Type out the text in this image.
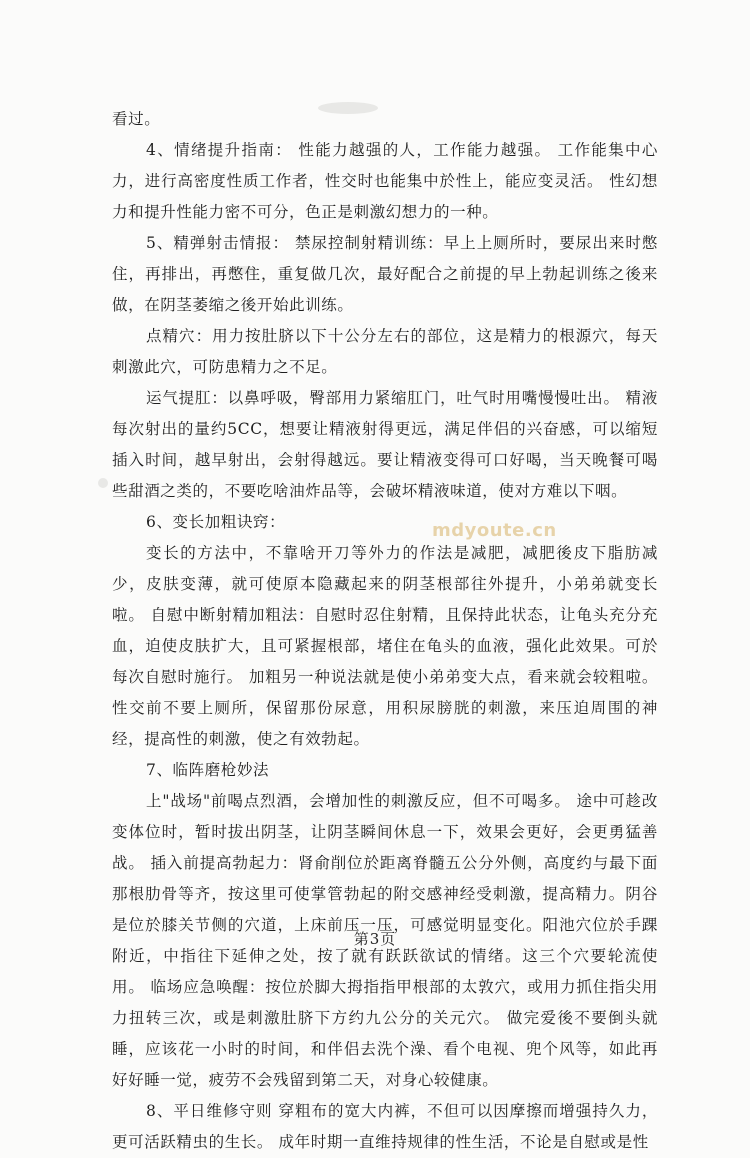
看过。

4、情绪提升指南： 性能力越强的人，工作能力越强。 工作能集中心力，进行高密度性质工作者，性交时也能集中於性上，能应变灵活。 性幻想力和提升性能力密不可分，色正是刺激幻想力的一种。

5、精弹射击情报： 禁尿控制射精训练：早上上厕所时，要尿出来时憋住，再排出，再憋住，重复做几次，最好配合之前提的早上勃起训练之後来做，在阴茎萎缩之後开始此训练。

点精穴：用力按肚脐以下十公分左右的部位，这是精力的根源穴，每天刺激此穴，可防患精力之不足。

运气提肛：以鼻呼吸，臀部用力紧缩肛门，吐气时用嘴慢慢吐出。 精液每次射出的量约5CC，想要让精液射得更远，满足伴侣的兴奋感，可以缩短插入时间，越早射出，会射得越远。要让精液变得可口好喝，当天晚餐可喝些甜酒之类的，不要吃啥油炸品等，会破坏精液味道，使对方难以下咽。

6、变长加粗诀窍：

变长的方法中，不靠啥开刀等外力的作法是减肥，减肥後皮下脂肪减少，皮肤变薄，就可使原本隐藏起来的阴茎根部往外提升，小弟弟就变长啦。 自慰中断射精加粗法：自慰时忍住射精，且保持此状态，让龟头充分充血，迫使皮肤扩大，且可紧握根部，堵住在龟头的血液，强化此效果。可於每次自慰时施行。 加粗另一种说法就是使小弟弟变大点，看来就会较粗啦。性交前不要上厕所，保留那份尿意，用积尿膀胱的刺激，来压迫周围的神经，提高性的刺激，使之有效勃起。

7、临阵磨枪妙法

上"战场"前喝点烈酒，会增加性的刺激反应，但不可喝多。 途中可趁改变体位时，暂时拔出阴茎，让阴茎瞬间休息一下，效果会更好，会更勇猛善战。 插入前提高勃起力：肾俞削位於距离脊髓五公分外侧，高度约与最下面那根肋骨等齐，按这里可使掌管勃起的附交感神经受刺激，提高精力。阴谷是位於膝关节侧的穴道，上床前压一压，可感觉明显变化。阳池穴位於手踝附近，中指往下延伸之处，按了就有跃跃欲试的情绪。这三个穴要轮流使用。 临场应急唤醒：按位於脚大拇指指甲根部的太敦穴，或用力抓住指尖用力扭转三次，或是刺激肚脐下方约九公分的关元穴。 做完爱後不要倒头就睡，应该花一小时的时间，和伴侣去洗个澡、看个电视、兜个风等，如此再好好睡一觉，疲劳不会残留到第二天，对身心较健康。

8、平日维修守则 穿粗布的宽大内裤，不但可以因摩擦而增强持久力，更可活跃精虫的生长。 成年时期一直维持规律的性生活，不论是自慰或是性

mdyoute.cn
第3页
